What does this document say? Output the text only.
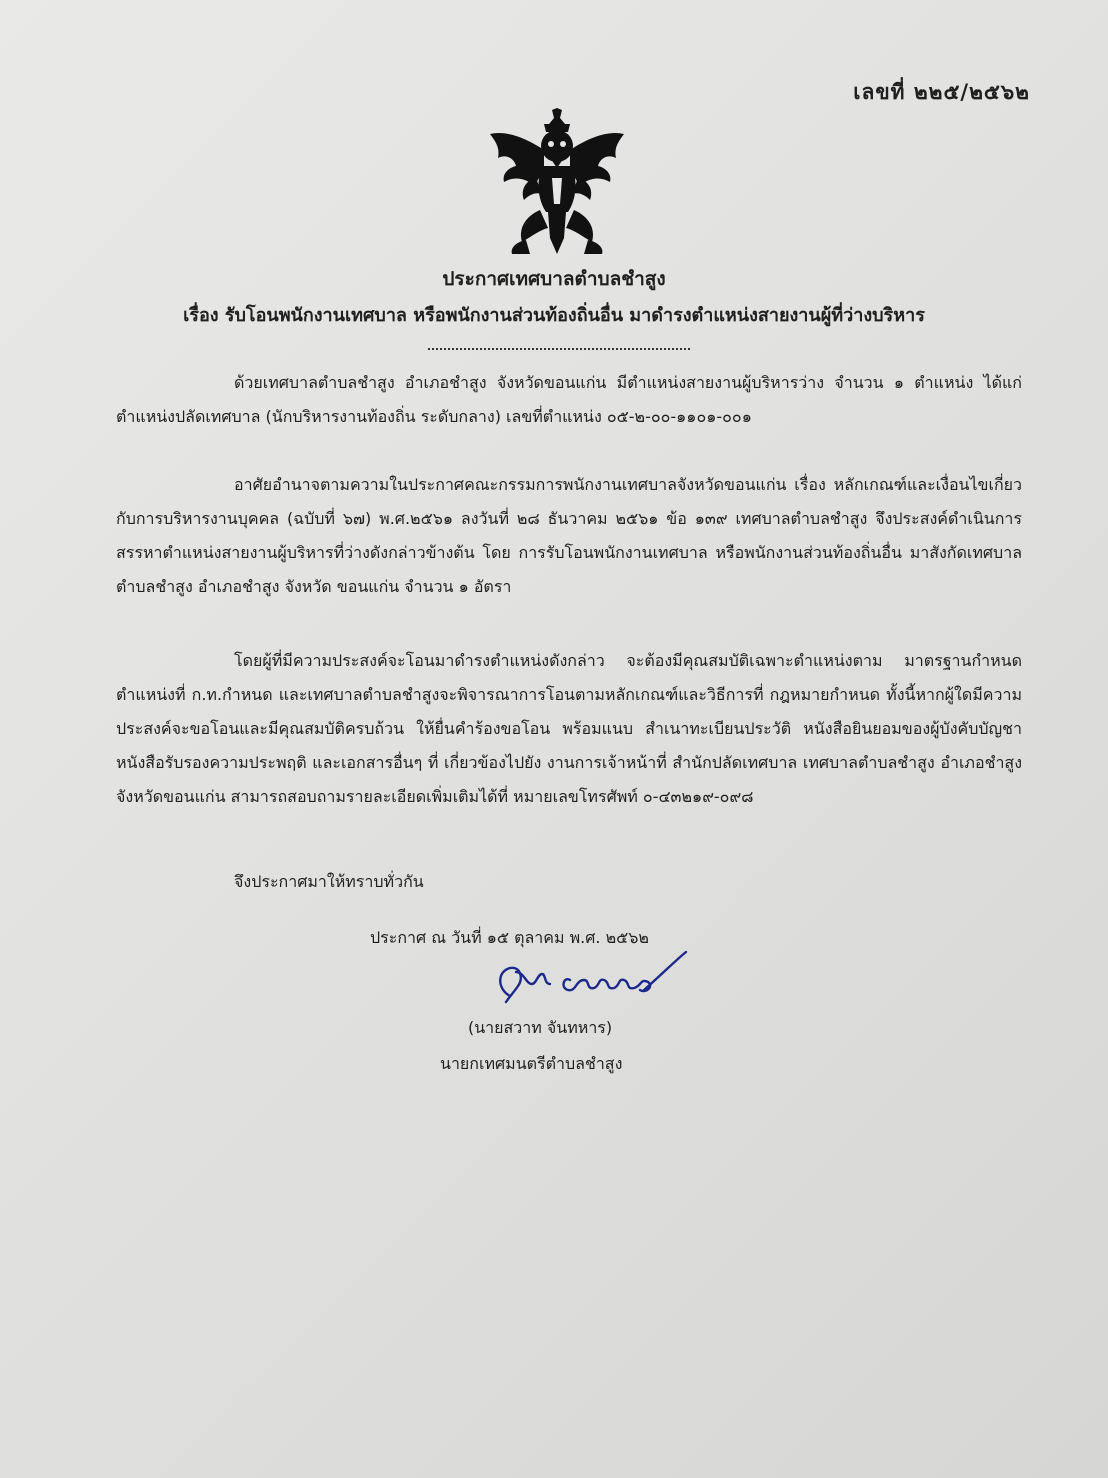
เลขที่ ๒๒๕/๒๕๖๒
ประกาศเทศบาลตำบลชำสูง
เรื่อง รับโอนพนักงานเทศบาล หรือพนักงานส่วนท้องถิ่นอื่น มาดำรงตำแหน่งสายงานผู้ที่ว่างบริหาร
ด้วยเทศบาลตำบลชำสูง อำเภอชำสูง จังหวัดขอนแก่น มีตำแหน่งสายงานผู้บริหารว่าง จำนวน ๑ ตำแหน่ง ได้แก่ ตำแหน่งปลัดเทศบาล (นักบริหารงานท้องถิ่น ระดับกลาง) เลขที่ตำแหน่ง ๐๕-๒-๐๐-๑๑๐๑-๐๐๑
อาศัยอำนาจตามความในประกาศคณะกรรมการพนักงานเทศบาลจังหวัดขอนแก่น เรื่อง หลักเกณฑ์และเงื่อนไขเกี่ยวกับการบริหารงานบุคคล (ฉบับที่ ๖๗) พ.ศ.๒๕๖๑ ลงวันที่ ๒๘ ธันวาคม ๒๕๖๑ ข้อ ๑๓๙ เทศบาลตำบลชำสูง จึงประสงค์ดำเนินการสรรหาตำแหน่งสายงานผู้บริหารที่ว่างดังกล่าวข้างต้น โดย การรับโอนพนักงานเทศบาล หรือพนักงานส่วนท้องถิ่นอื่น มาสังกัดเทศบาลตำบลชำสูง อำเภอชำสูง จังหวัด ขอนแก่น จำนวน ๑ อัตรา
โดยผู้ที่มีความประสงค์จะโอนมาดำรงตำแหน่งดังกล่าว จะต้องมีคุณสมบัติเฉพาะตำแหน่งตาม มาตรฐานกำหนดตำแหน่งที่ ก.ท.กำหนด และเทศบาลตำบลชำสูงจะพิจารณาการโอนตามหลักเกณฑ์และวิธีการที่ กฎหมายกำหนด ทั้งนี้หากผู้ใดมีความประสงค์จะขอโอนและมีคุณสมบัติครบถ้วน ให้ยื่นคำร้องขอโอน พร้อมแนบ สำเนาทะเบียนประวัติ หนังสือยินยอมของผู้บังคับบัญชา หนังสือรับรองความประพฤติ และเอกสารอื่นๆ ที่ เกี่ยวข้องไปยัง งานการเจ้าหน้าที่ สำนักปลัดเทศบาล เทศบาลตำบลชำสูง อำเภอชำสูง จังหวัดขอนแก่น สามารถสอบถามรายละเอียดเพิ่มเติมได้ที่ หมายเลขโทรศัพท์ ๐-๔๓๒๑๙-๐๙๘
จึงประกาศมาให้ทราบทั่วกัน
ประกาศ ณ วันที่ ๑๕ ตุลาคม พ.ศ. ๒๕๖๒
(นายสวาท จันทหาร)
นายกเทศมนตรีตำบลชำสูง
